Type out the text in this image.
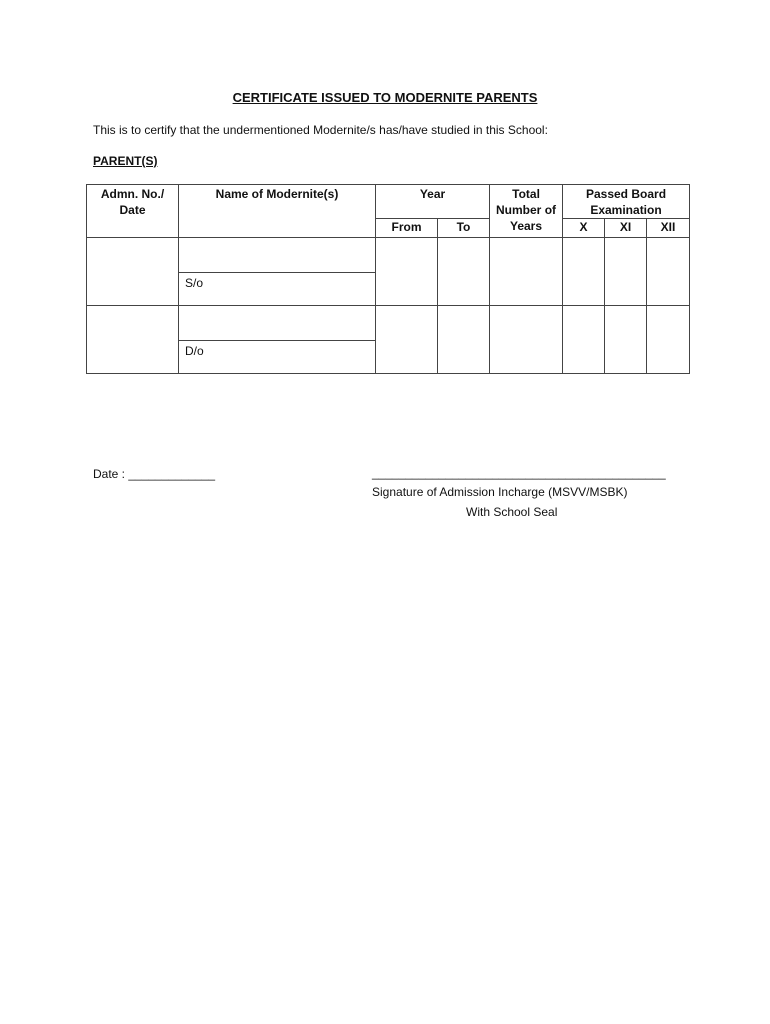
CERTIFICATE ISSUED TO MODERNITE PARENTS
This is to certify that the undermentioned Modernite/s has/have studied in this School:
PARENT(S)
Admn. No./ Date	Name of Modernite(s)	Year		Total Number of Years	Passed Board Examination		
		From	To		X	XI	XII

	S/o						

	D/o						

Date : _____________	____________________________________________
Signature of Admission Incharge (MSVV/MSBK)
With School Seal
